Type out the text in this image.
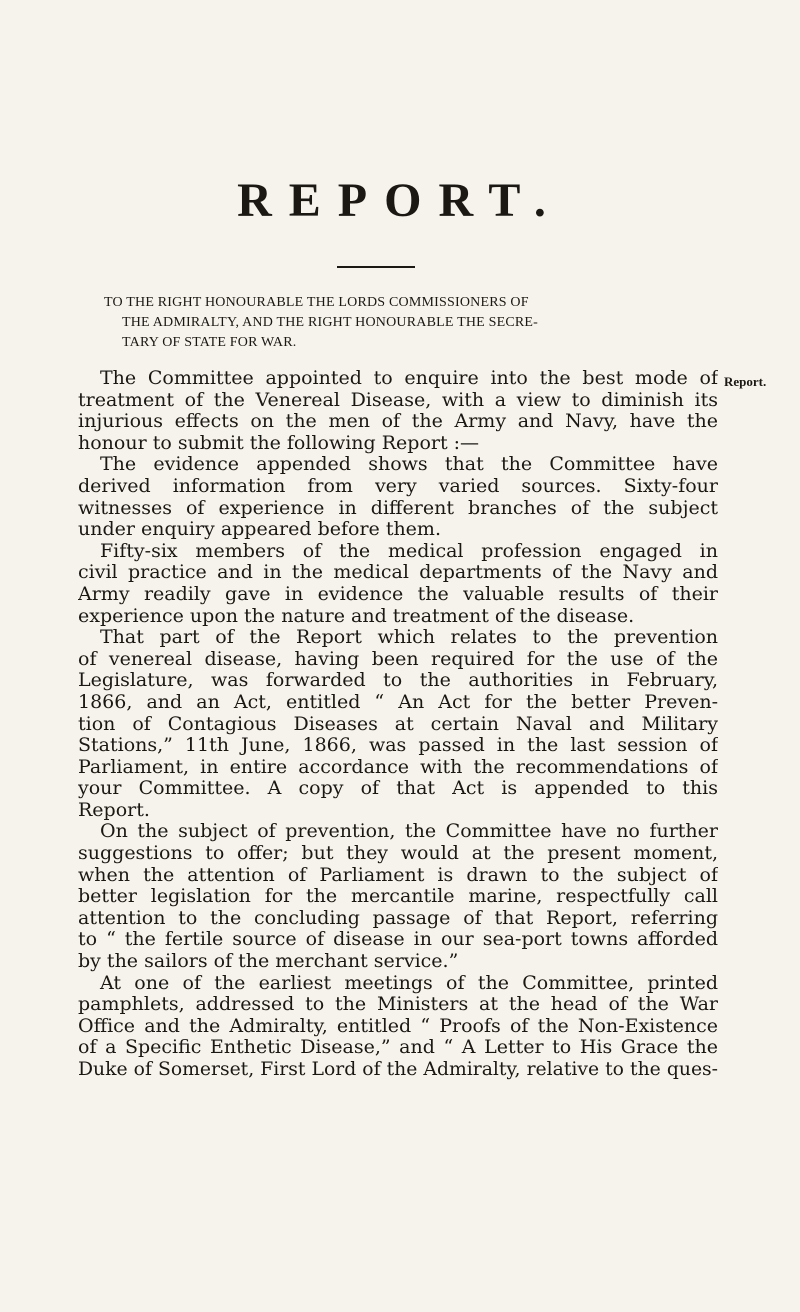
REPORT.
TO THE RIGHT HONOURABLE THE LORDS COMMISSIONERS OF
THE ADMIRALTY, AND THE RIGHT HONOURABLE THE SECRE-
TARY OF STATE FOR WAR.
Report.
The Committee appointed to enquire into the best mode of
treatment of the Venereal Disease, with a view to diminish its
injurious effects on the men of the Army and Navy, have the
honour to submit the following Report :—
The evidence appended shows that the Committee have
derived information from very varied sources. Sixty-four
witnesses of experience in different branches of the subject
under enquiry appeared before them.
Fifty-six members of the medical profession engaged in
civil practice and in the medical departments of the Navy and
Army readily gave in evidence the valuable results of their
experience upon the nature and treatment of the disease.
That part of the Report which relates to the prevention
of venereal disease, having been required for the use of the
Legislature, was forwarded to the authorities in February,
1866, and an Act, entitled “ An Act for the better Preven-
tion of Contagious Diseases at certain Naval and Military
Stations,” 11th June, 1866, was passed in the last session of
Parliament, in entire accordance with the recommendations of
your Committee. A copy of that Act is appended to this
Report.
On the subject of prevention, the Committee have no further
suggestions to offer; but they would at the present moment,
when the attention of Parliament is drawn to the subject of
better legislation for the mercantile marine, respectfully call
attention to the concluding passage of that Report, referring
to “ the fertile source of disease in our sea-port towns afforded
by the sailors of the merchant service.”
At one of the earliest meetings of the Committee, printed
pamphlets, addressed to the Ministers at the head of the War
Office and the Admiralty, entitled “ Proofs of the Non-Existence
of a Specific Enthetic Disease,” and “ A Letter to His Grace the
Duke of Somerset, First Lord of the Admiralty, relative to the ques-
